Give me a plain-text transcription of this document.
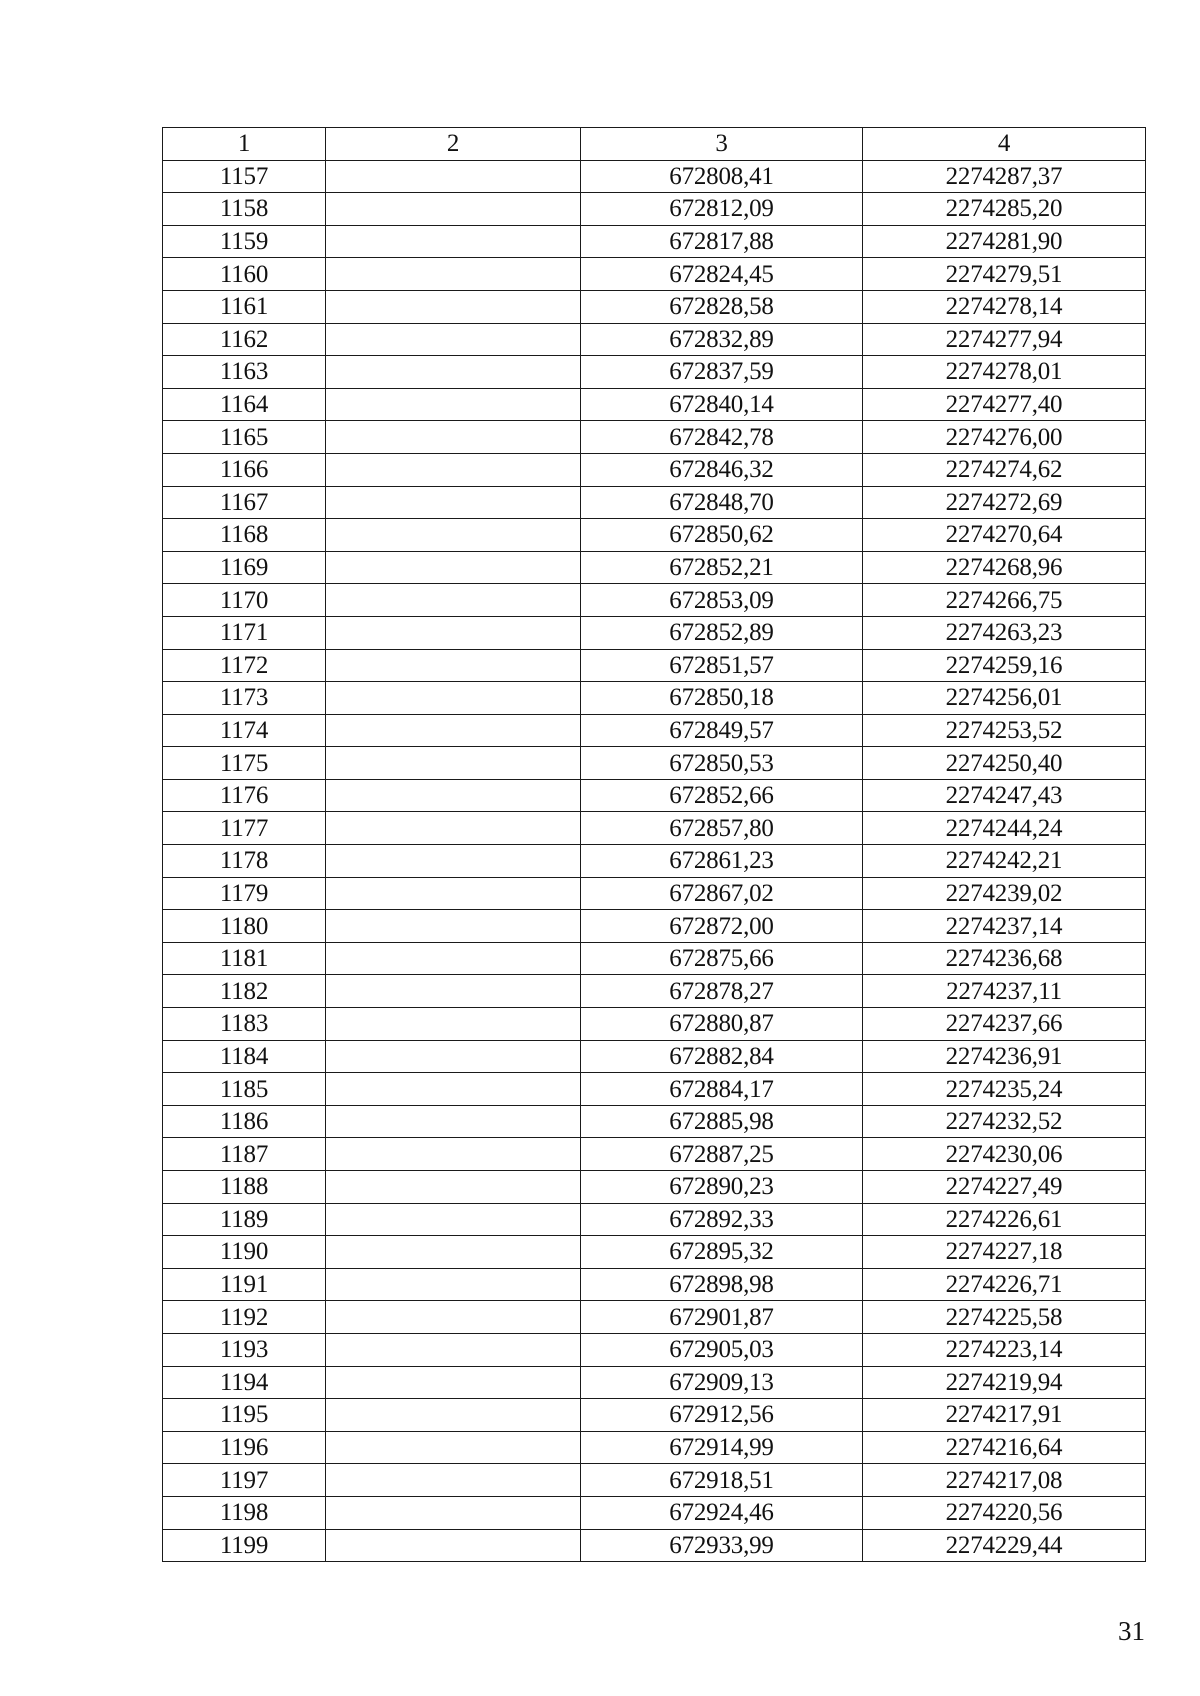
1	2	3	4
1157		672808,41	2274287,37
1158		672812,09	2274285,20
1159		672817,88	2274281,90
1160		672824,45	2274279,51
1161		672828,58	2274278,14
1162		672832,89	2274277,94
1163		672837,59	2274278,01
1164		672840,14	2274277,40
1165		672842,78	2274276,00
1166		672846,32	2274274,62
1167		672848,70	2274272,69
1168		672850,62	2274270,64
1169		672852,21	2274268,96
1170		672853,09	2274266,75
1171		672852,89	2274263,23
1172		672851,57	2274259,16
1173		672850,18	2274256,01
1174		672849,57	2274253,52
1175		672850,53	2274250,40
1176		672852,66	2274247,43
1177		672857,80	2274244,24
1178		672861,23	2274242,21
1179		672867,02	2274239,02
1180		672872,00	2274237,14
1181		672875,66	2274236,68
1182		672878,27	2274237,11
1183		672880,87	2274237,66
1184		672882,84	2274236,91
1185		672884,17	2274235,24
1186		672885,98	2274232,52
1187		672887,25	2274230,06
1188		672890,23	2274227,49
1189		672892,33	2274226,61
1190		672895,32	2274227,18
1191		672898,98	2274226,71
1192		672901,87	2274225,58
1193		672905,03	2274223,14
1194		672909,13	2274219,94
1195		672912,56	2274217,91
1196		672914,99	2274216,64
1197		672918,51	2274217,08
1198		672924,46	2274220,56
1199		672933,99	2274229,44
31
